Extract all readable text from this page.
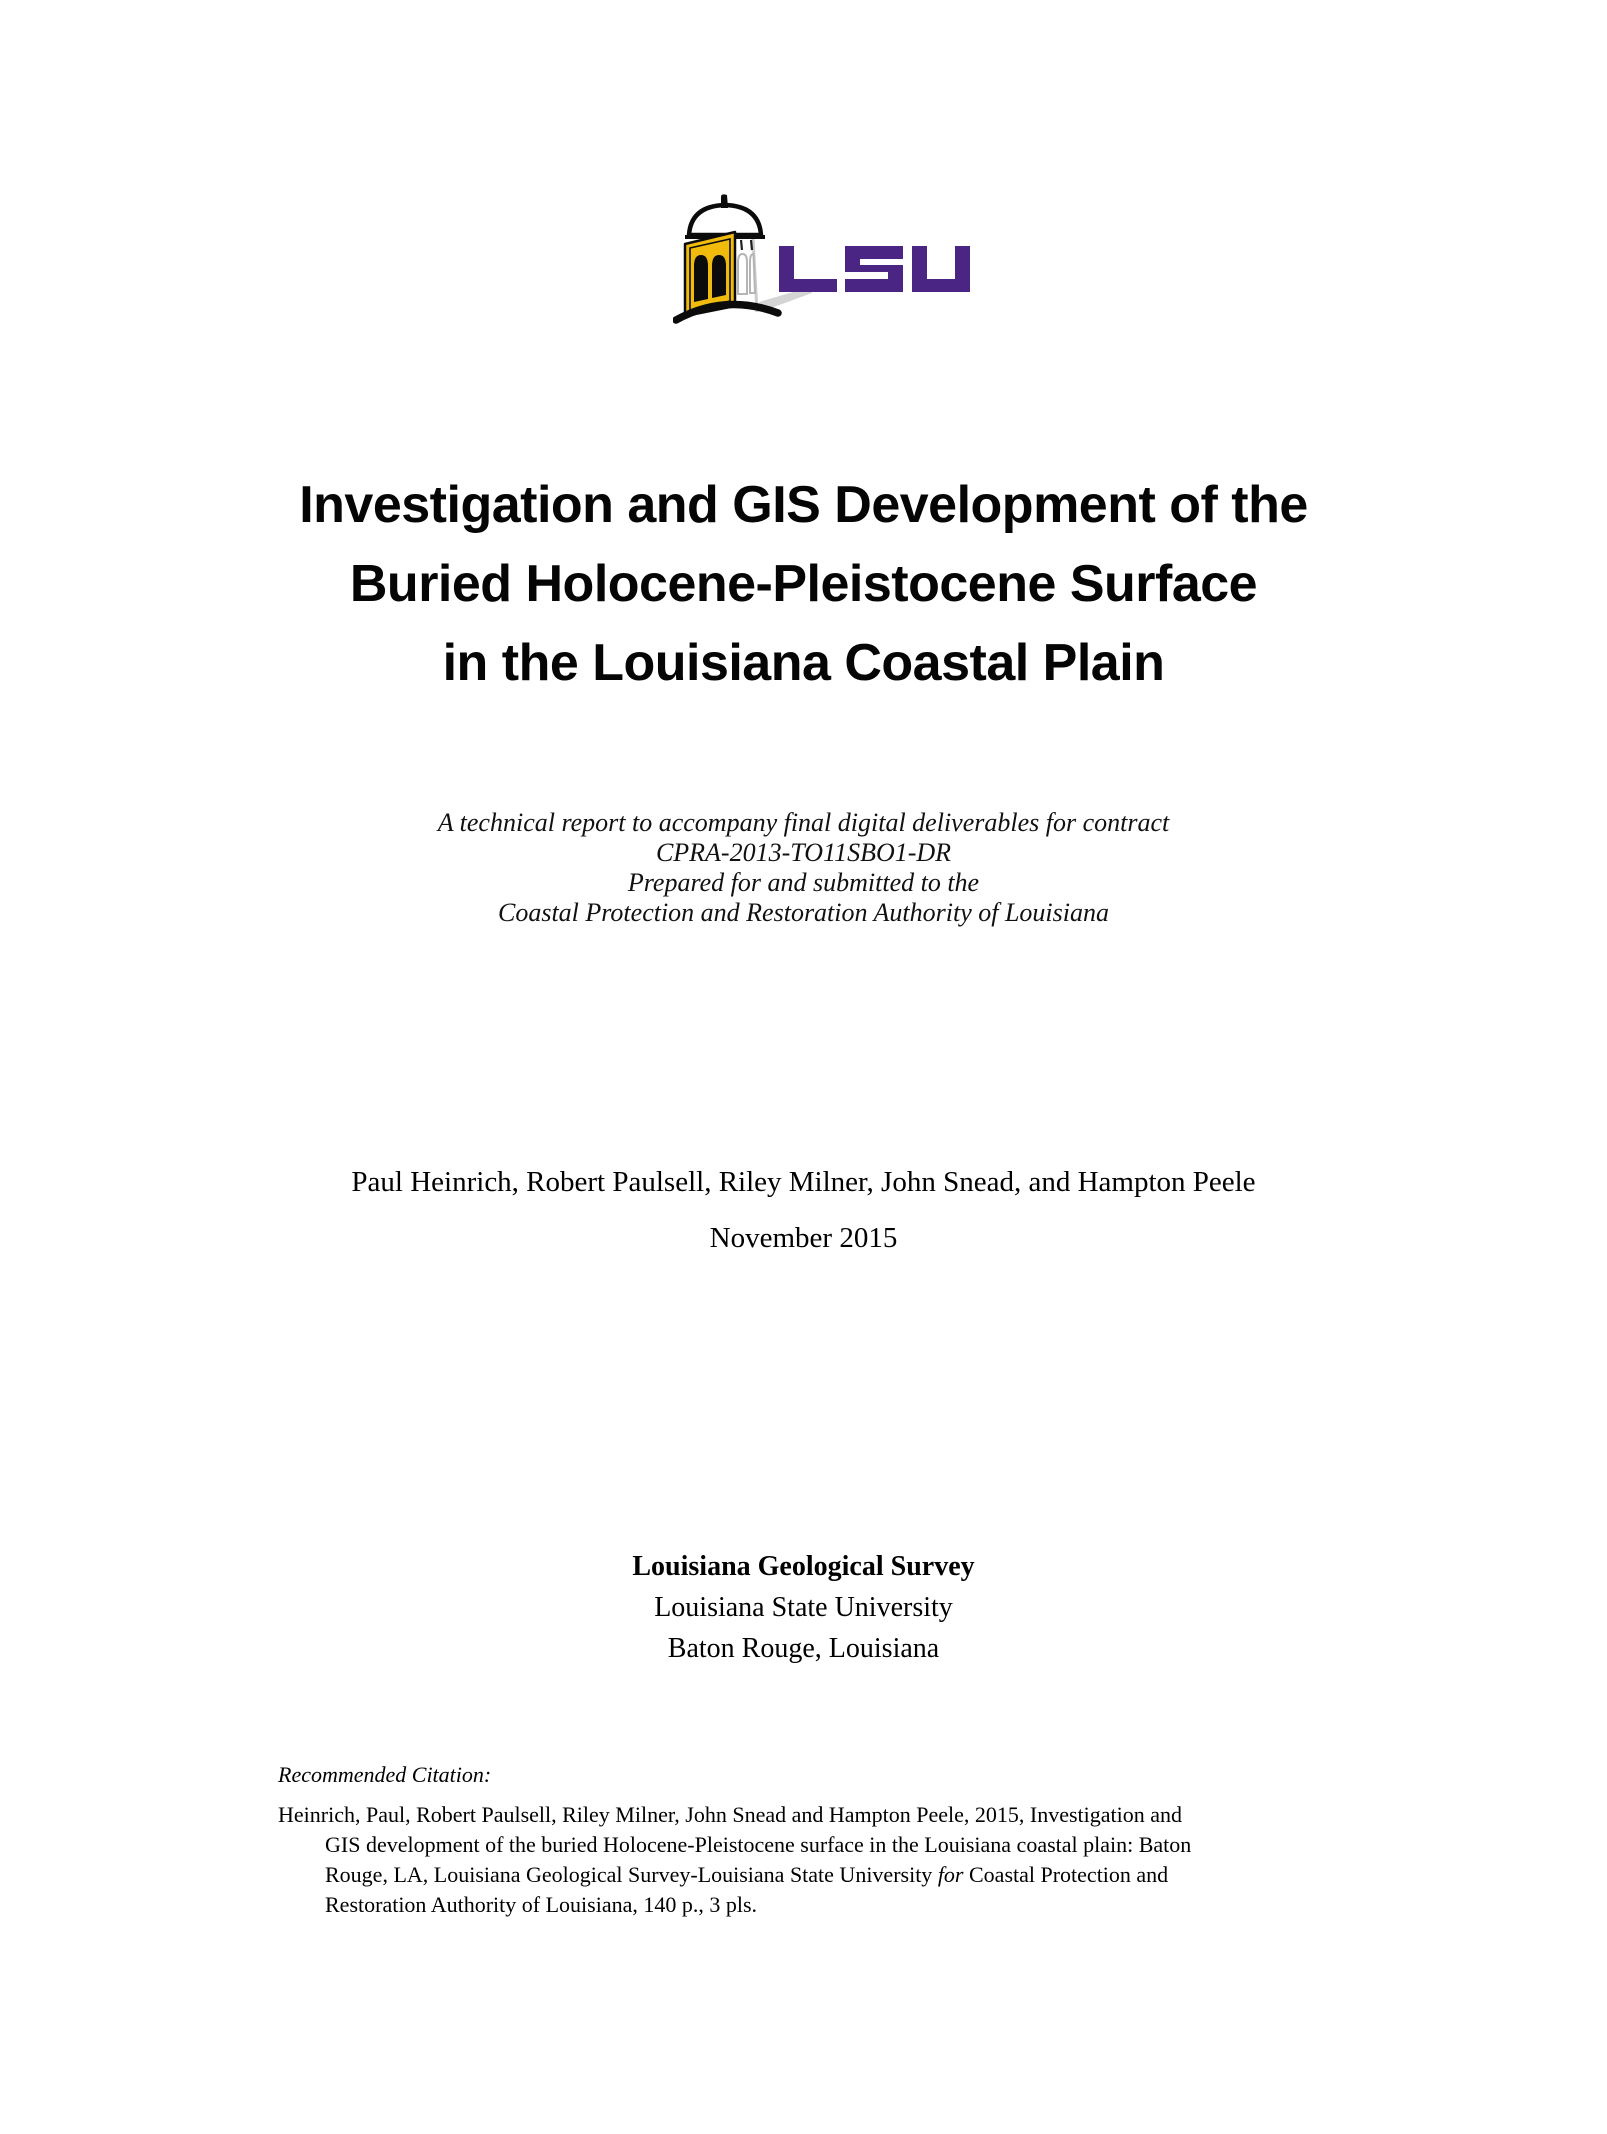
Investigation and GIS Development of the
Buried Holocene-Pleistocene Surface
in the Louisiana Coastal Plain
A technical report to accompany final digital deliverables for contract
CPRA-2013-TO11SBO1-DR
Prepared for and submitted to the
Coastal Protection and Restoration Authority of Louisiana
Paul Heinrich, Robert Paulsell, Riley Milner, John Snead, and Hampton Peele
November 2015
Louisiana Geological Survey
Louisiana State University
Baton Rouge, Louisiana
Recommended Citation:
Heinrich, Paul, Robert Paulsell, Riley Milner, John Snead and Hampton Peele, 2015, Investigation and
GIS development of the buried Holocene-Pleistocene surface in the Louisiana coastal plain: Baton
Rouge, LA, Louisiana Geological Survey-Louisiana State University for Coastal Protection and
Restoration Authority of Louisiana, 140 p., 3 pls.
